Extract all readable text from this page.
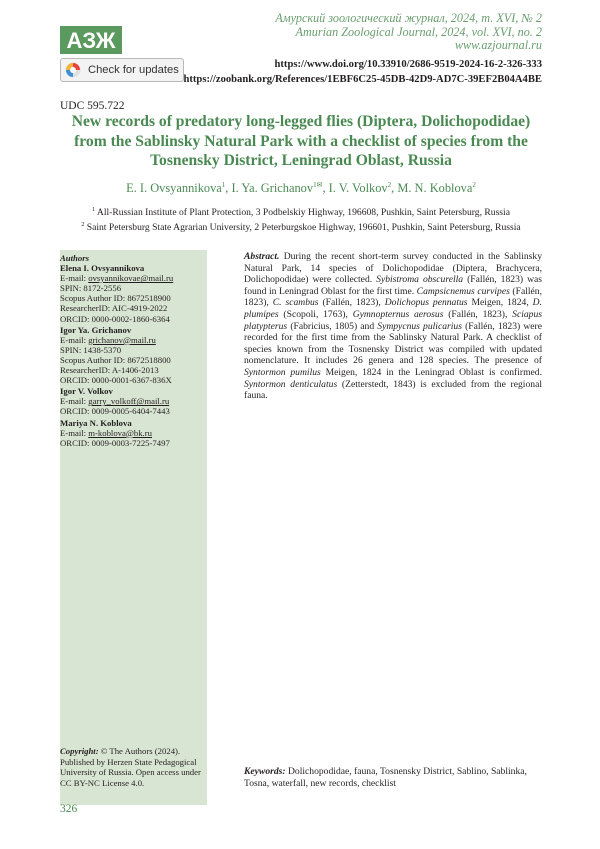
АЗЖ
Амурский зоологический журнал, 2024, т. XVI, № 2
Amurian Zoological Journal, 2024, vol. XVI, no. 2
www.azjournal.ru
Check for updates	https://www.doi.org/10.33910/2686-9519-2024-16-2-326-333
https://zoobank.org/References/1EBF6C25-45DB-42D9-AD7C-39EF2B04A4BE
UDC 595.722
New records of predatory long-legged flies (Diptera, Dolichopodidae) from the Sablinsky Natural Park with a checklist of species from the Tosnensky District, Leningrad Oblast, Russia
E. I. Ovsyannikova$^1$, I. Ya. Grichanov$^{1✉}$, I. V. Volkov$^2$, M. N. Koblova$^2$
$^1$ All-Russian Institute of Plant Protection, 3 Podbelskiy Highway, 196608, Pushkin, Saint Petersburg, Russia
$^2$ Saint Petersburg State Agrarian University, 2 Peterburgskoe Highway, 196601, Pushkin, Saint Petersburg, Russia
Authors
Elena I. Ovsyannikova
E-mail: ovsyannikovae@mail.ru
SPIN: 8172-2556
Scopus Author ID: 8672518900
ResearcherID: AIC-4919-2022
ORCID: 0000-0002-1860-6364
Igor Ya. Grichanov
E-mail: grichanov@mail.ru
SPIN: 1438-5370
Scopus Author ID: 8672518800
ResearcherID: A-1406-2013
ORCID: 0000-0001-6367-836X
Igor V. Volkov
E-mail: garry_volkoff@mail.ru
ORCID: 0009-0005-6404-7443
Mariya N. Koblova
E-mail: m-koblova@bk.ru
ORCID: 0009-0003-7225-7497
Copyright: © The Authors (2024). Published by Herzen State Pedagogical University of Russia. Open access under CC BY-NC License 4.0.
Abstract. During the recent short-term survey conducted in the Sablinsky Natural Park, 14 species of Dolichopodidae (Diptera, Brachycera, Dolichopodidae) were collected. Sybistroma obscurella (Fallén, 1823) was found in Leningrad Oblast for the first time. Campsicnemus curvipes (Fallén, 1823), C. scambus (Fallén, 1823), Dolichopus pennatus Meigen, 1824, D. plumipes (Scopoli, 1763), Gymnopternus aerosus (Fallén, 1823), Sciapus platypterus (Fabricius, 1805) and Sympycnus pulicarius (Fallén, 1823) were recorded for the first time from the Sablinsky Natural Park. A checklist of species known from the Tosnensky District was compiled with updated nomenclature. It includes 26 genera and 128 species. The presence of Syntormon pumilus Meigen, 1824 in the Leningrad Oblast is confirmed. Syntormon denticulatus (Zetterstedt, 1843) is excluded from the regional fauna.
Keywords: Dolichopodidae, fauna, Tosnensky District, Sablino, Sablinka, Tosna, waterfall, new records, checklist
326
